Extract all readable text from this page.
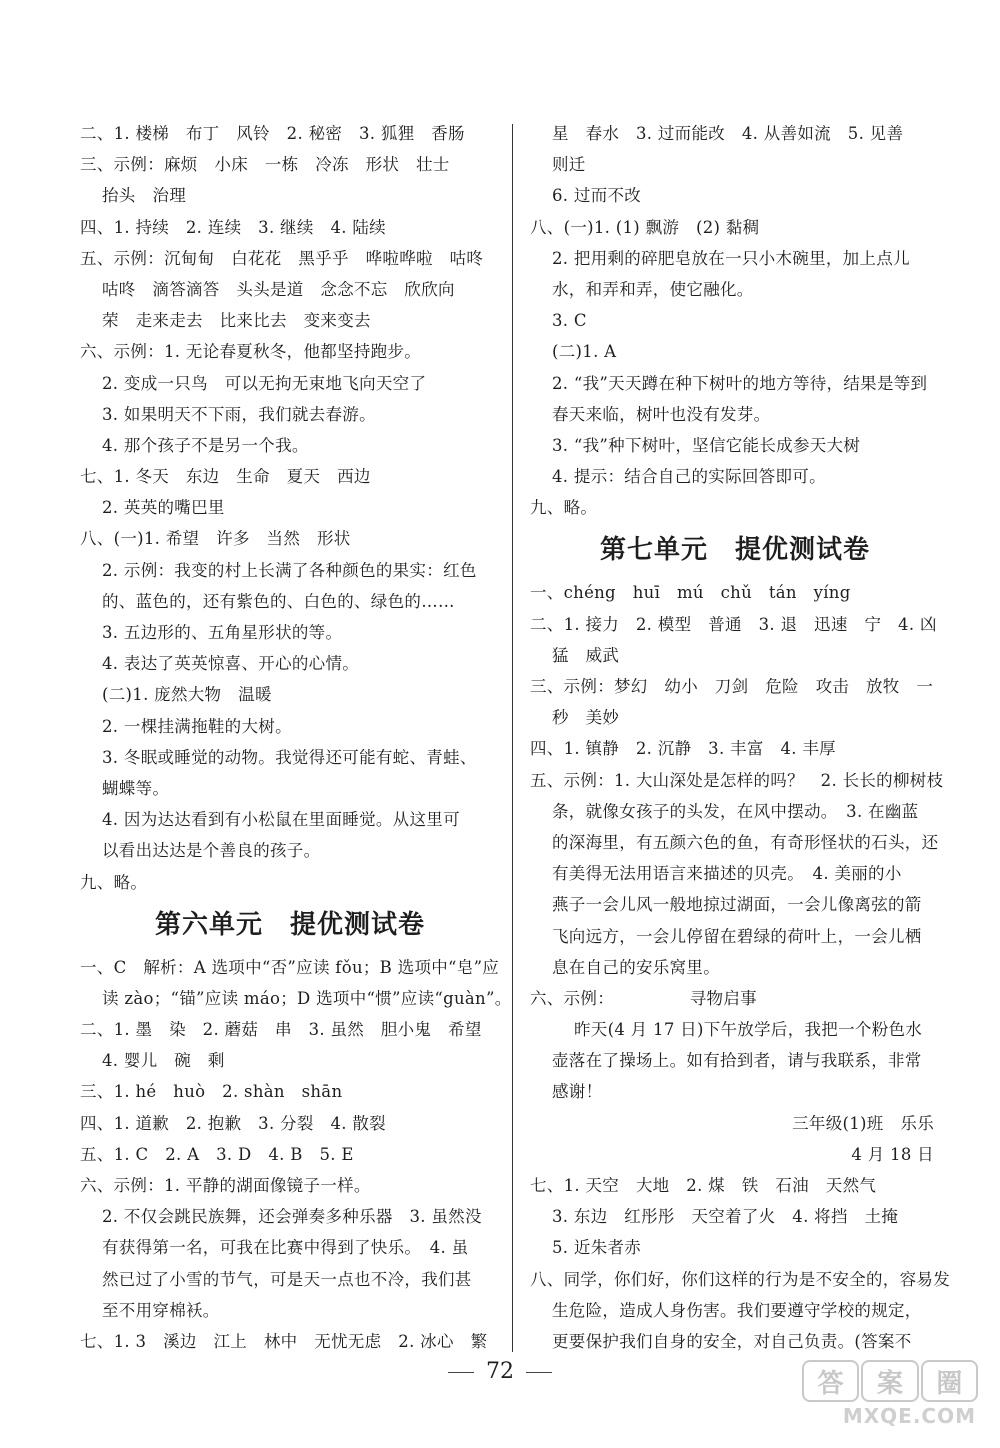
二、1. 楼梯　布丁　风铃　2. 秘密　3. 狐狸　香肠
三、示例：麻烦　小床　一栋　冷冻　形状　壮士
抬头　治理
四、1. 持续　2. 连续　3. 继续　4. 陆续
五、示例：沉甸甸　白花花　黑乎乎　哗啦哗啦　咕咚
咕咚　滴答滴答　头头是道　念念不忘　欣欣向
荣　走来走去　比来比去　变来变去
六、示例：1. 无论春夏秋冬，他都坚持跑步。
2. 变成一只鸟　可以无拘无束地飞向天空了
3. 如果明天不下雨，我们就去春游。
4. 那个孩子不是另一个我。
七、1. 冬天　东边　生命　夏天　西边
2. 英英的嘴巴里
八、(一)1. 希望　许多　当然　形状
2. 示例：我变的村上长满了各种颜色的果实：红色
的、蓝色的，还有紫色的、白色的、绿色的……
3. 五边形的、五角星形状的等。
4. 表达了英英惊喜、开心的心情。
(二)1. 庞然大物　温暖
2. 一棵挂满拖鞋的大树。
3. 冬眠或睡觉的动物。我觉得还可能有蛇、青蛙、
蝴蝶等。
4. 因为达达看到有小松鼠在里面睡觉。从这里可
以看出达达是个善良的孩子。
九、略。
第六单元　提优测试卷
一、C　解析：A 选项中“否”应读 fǒu；B 选项中“皂”应
读 zào；“锚”应读 máo；D 选项中“惯”应读“guàn”。
二、1. 墨　染　2. 蘑菇　串　3. 虽然　胆小鬼　希望
4. 婴儿　碗　剩
三、1. hé　huò　2. shàn　shān
四、1. 道歉　2. 抱歉　3. 分裂　4. 散裂
五、1. C　2. A　3. D　4. B　5. E
六、示例：1. 平静的湖面像镜子一样。
2. 不仅会跳民族舞，还会弹奏多种乐器　3. 虽然没
有获得第一名，可我在比赛中得到了快乐。　4. 虽
然已过了小雪的节气，可是天一点也不冷，我们甚
至不用穿棉袄。
七、1. 3　溪边　江上　林中　无忧无虑　2. 冰心　繁
星　春水　3. 过而能改　4. 从善如流　5. 见善
则迁
6. 过而不改
八、(一)1. (1) 飘游　(2) 黏稠
2. 把用剩的碎肥皂放在一只小木碗里，加上点儿
水，和弄和弄，使它融化。
3. C
(二)1. A
2. “我”天天蹲在种下树叶的地方等待，结果是等到
春天来临，树叶也没有发芽。
3. “我”种下树叶，坚信它能长成参天大树
4. 提示：结合自己的实际回答即可。
九、略。
第七单元　提优测试卷
一、chéng　huī　mú　chǔ　tán　yíng
二、1. 接力　2. 模型　普通　3. 退　迅速　宁　4. 凶
猛　威武
三、示例：梦幻　幼小　刀剑　危险　攻击　放牧　一
秒　美妙
四、1. 镇静　2. 沉静　3. 丰富　4. 丰厚
五、示例：1. 大山深处是怎样的吗？　2. 长长的柳树枝
条，就像女孩子的头发，在风中摆动。　3. 在幽蓝
的深海里，有五颜六色的鱼，有奇形怪状的石头，还
有美得无法用语言来描述的贝壳。　4. 美丽的小
燕子一会儿风一般地掠过湖面，一会儿像离弦的箭
飞向远方，一会儿停留在碧绿的荷叶上，一会儿栖
息在自己的安乐窝里。
六、示例：　　　　　寻物启事
昨天(4 月 17 日)下午放学后，我把一个粉色水
壶落在了操场上。如有拾到者，请与我联系，非常
感谢！
三年级(1)班　乐乐
4 月 18 日
七、1. 天空　大地　2. 煤　铁　石油　天然气
3. 东边　红彤彤　天空着了火　4. 将挡　土掩
5. 近朱者赤
八、同学，你们好，你们这样的行为是不安全的，容易发
生危险，造成人身伤害。我们要遵守学校的规定，
更要保护我们自身的安全，对自己负责。(答案不
72	答	案	圈
MXQE.COM
